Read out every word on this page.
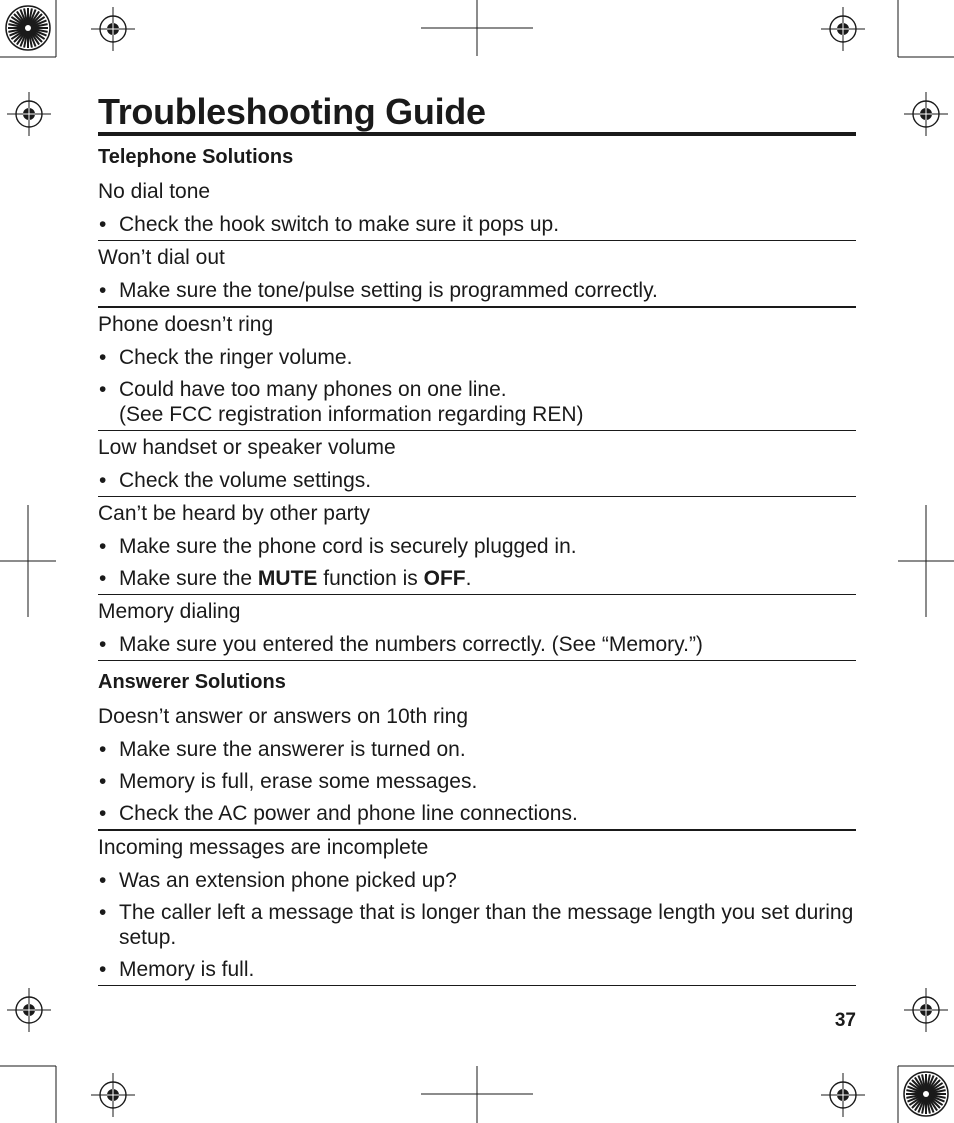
Troubleshooting Guide
Telephone Solutions

No dial tone

• Check the hook switch to make sure it pops up.

Won’t dial out

• Make sure the tone/pulse setting is programmed correctly.

Phone doesn’t ring

• Check the ringer volume.
• Could have too many phones on one line.
(See FCC registration information regarding REN)

Low handset or speaker volume

• Check the volume settings.

Can’t be heard by other party

• Make sure the phone cord is securely plugged in.
• Make sure the MUTE function is OFF.

Memory dialing

• Make sure you entered the numbers correctly. (See “Memory.”)
Answerer Solutions

Doesn’t answer or answers on 10th ring

• Make sure the answerer is turned on.
• Memory is full, erase some messages.
• Check the AC power and phone line connections.

Incoming messages are incomplete

• Was an extension phone picked up?
• The caller left a message that is longer than the message length you set during setup.
• Memory is full.
37
